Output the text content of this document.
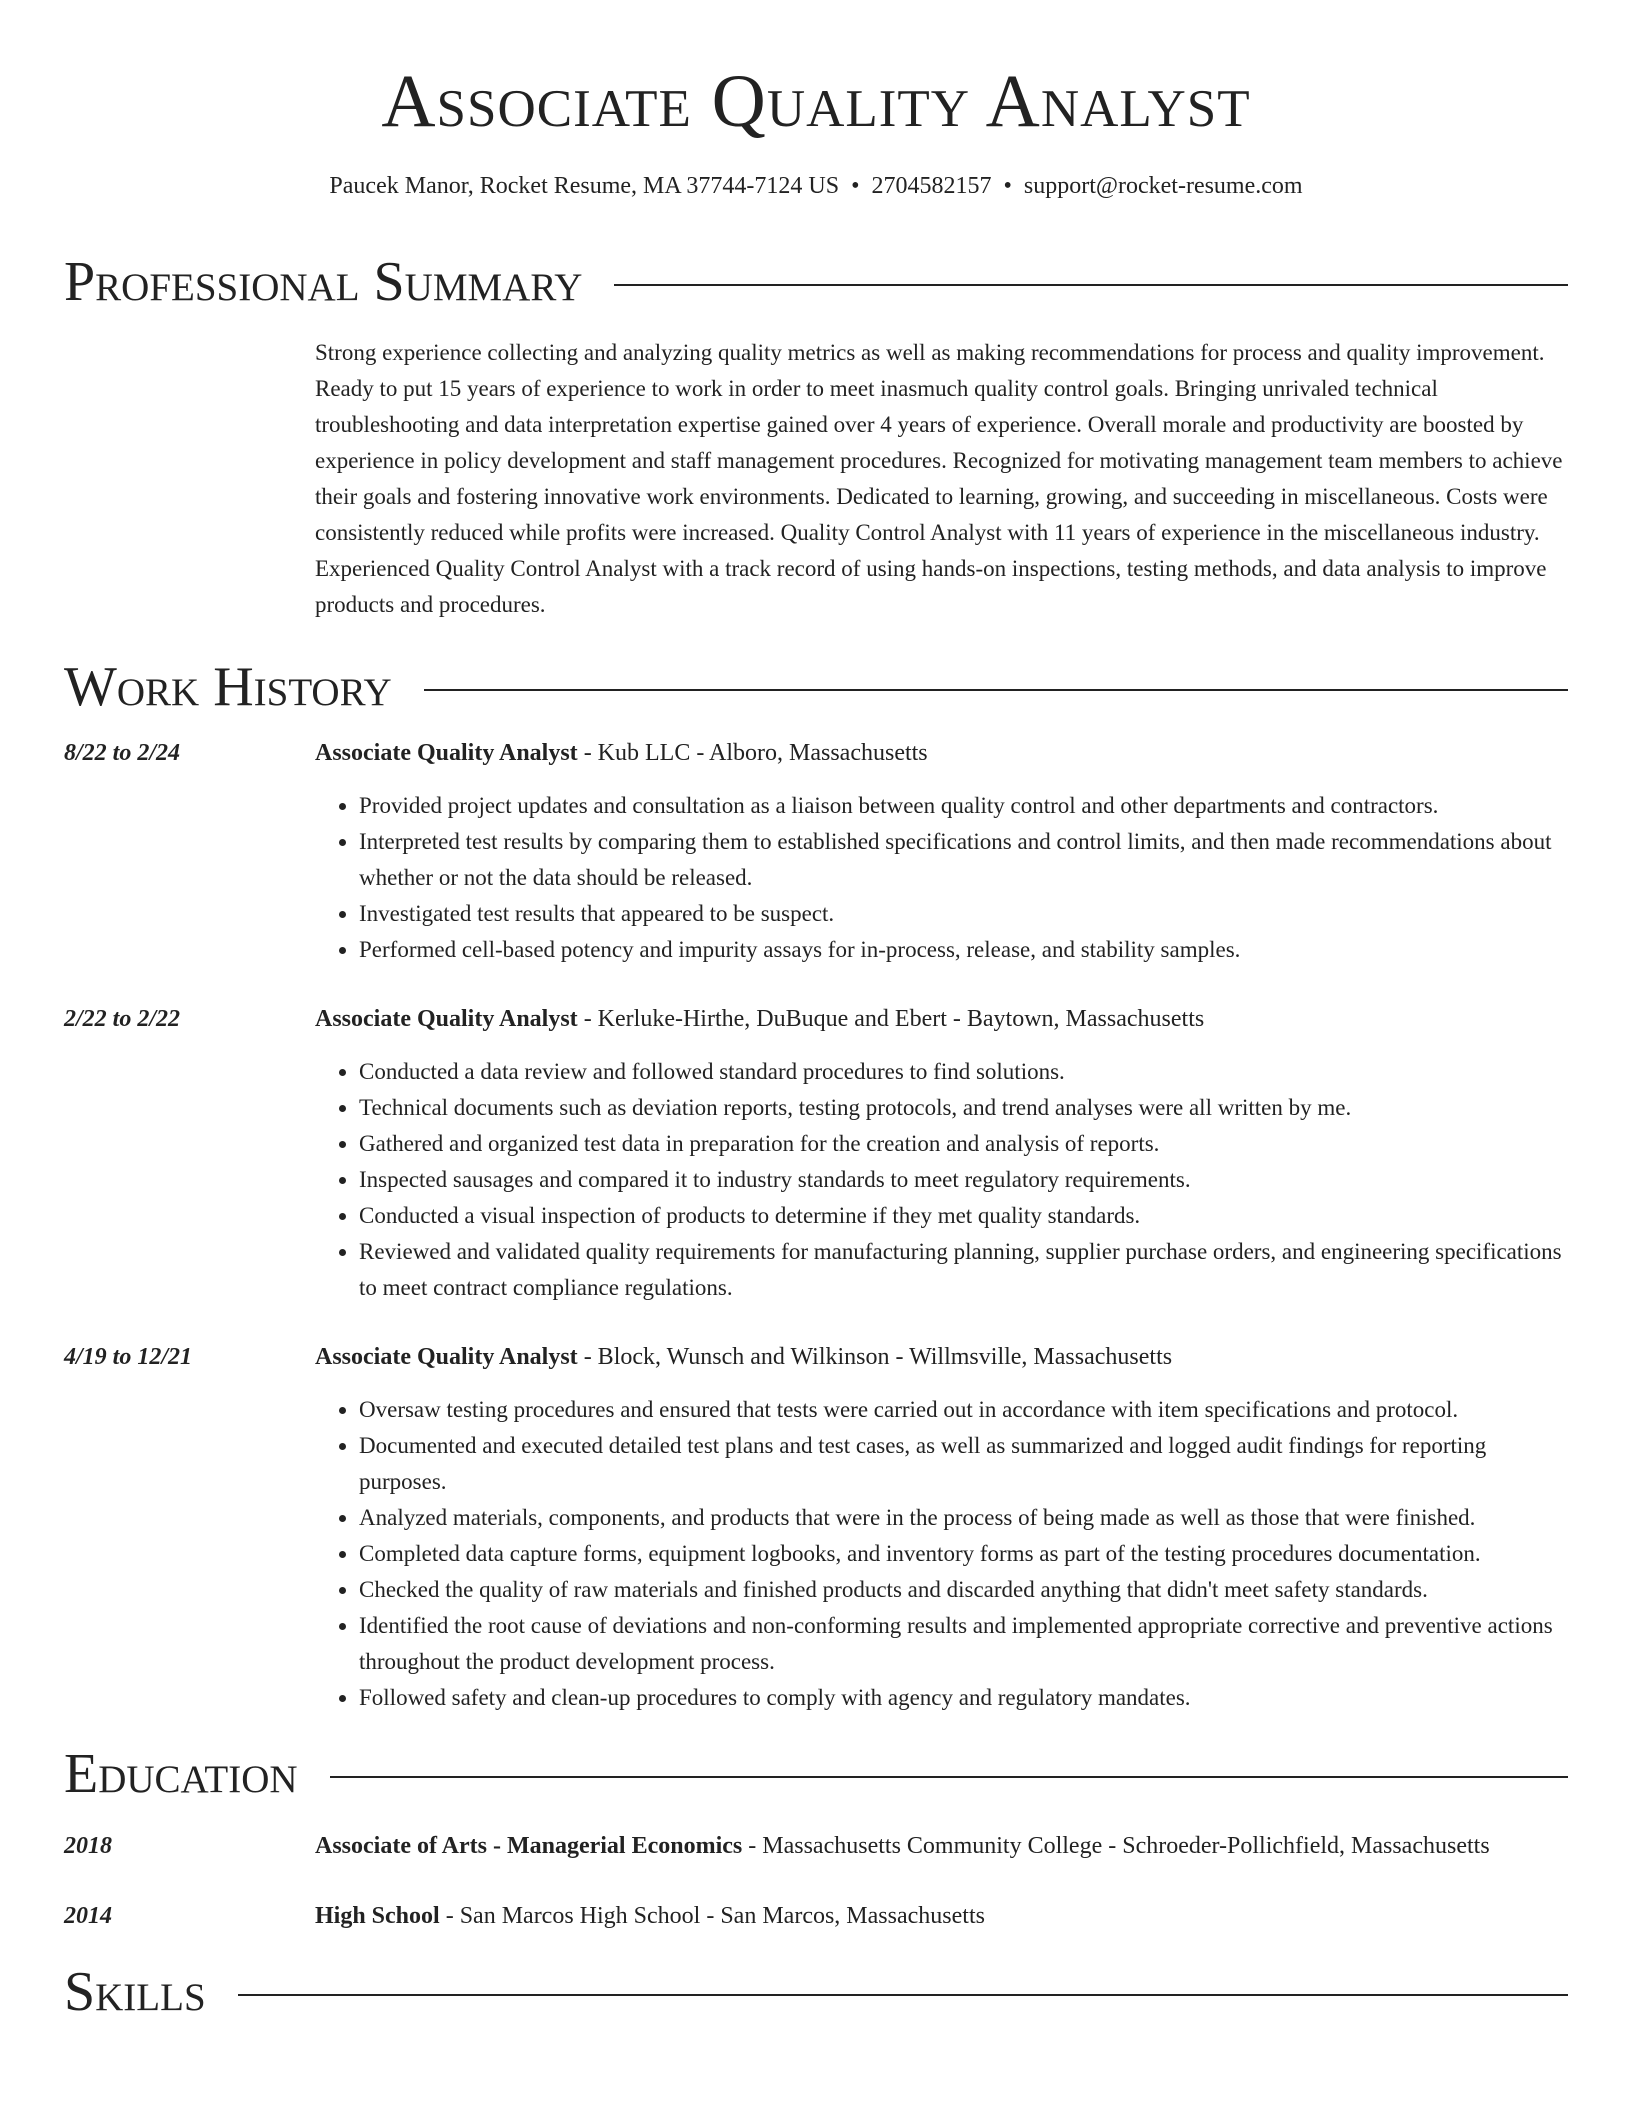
Associate Quality Analyst
Paucek Manor, Rocket Resume, MA 37744-7124 US • 2704582157 • support@rocket-resume.com
Professional Summary
Strong experience collecting and analyzing quality metrics as well as making recommendations for process and quality improvement. Ready to put 15 years of experience to work in order to meet inasmuch quality control goals. Bringing unrivaled technical troubleshooting and data interpretation expertise gained over 4 years of experience. Overall morale and productivity are boosted by experience in policy development and staff management procedures. Recognized for motivating management team members to achieve their goals and fostering innovative work environments. Dedicated to learning, growing, and succeeding in miscellaneous. Costs were consistently reduced while profits were increased. Quality Control Analyst with 11 years of experience in the miscellaneous industry. Experienced Quality Control Analyst with a track record of using hands-on inspections, testing methods, and data analysis to improve products and procedures.
Work History
8/22 to 2/24	Associate Quality Analyst - Kub LLC - Alboro, Massachusetts
• Provided project updates and consultation as a liaison between quality control and other departments and contractors.
• Interpreted test results by comparing them to established specifications and control limits, and then made recommendations about whether or not the data should be released.
• Investigated test results that appeared to be suspect.
• Performed cell-based potency and impurity assays for in-process, release, and stability samples.
2/22 to 2/22	Associate Quality Analyst - Kerluke-Hirthe, DuBuque and Ebert - Baytown, Massachusetts
• Conducted a data review and followed standard procedures to find solutions.
• Technical documents such as deviation reports, testing protocols, and trend analyses were all written by me.
• Gathered and organized test data in preparation for the creation and analysis of reports.
• Inspected sausages and compared it to industry standards to meet regulatory requirements.
• Conducted a visual inspection of products to determine if they met quality standards.
• Reviewed and validated quality requirements for manufacturing planning, supplier purchase orders, and engineering specifications to meet contract compliance regulations.
4/19 to 12/21	Associate Quality Analyst - Block, Wunsch and Wilkinson - Willmsville, Massachusetts
• Oversaw testing procedures and ensured that tests were carried out in accordance with item specifications and protocol.
• Documented and executed detailed test plans and test cases, as well as summarized and logged audit findings for reporting purposes.
• Analyzed materials, components, and products that were in the process of being made as well as those that were finished.
• Completed data capture forms, equipment logbooks, and inventory forms as part of the testing procedures documentation.
• Checked the quality of raw materials and finished products and discarded anything that didn't meet safety standards.
• Identified the root cause of deviations and non-conforming results and implemented appropriate corrective and preventive actions throughout the product development process.
• Followed safety and clean-up procedures to comply with agency and regulatory mandates.
Education
2018	Associate of Arts - Managerial Economics - Massachusetts Community College - Schroeder-Pollichfield, Massachusetts
2014	High School - San Marcos High School - San Marcos, Massachusetts
Skills
